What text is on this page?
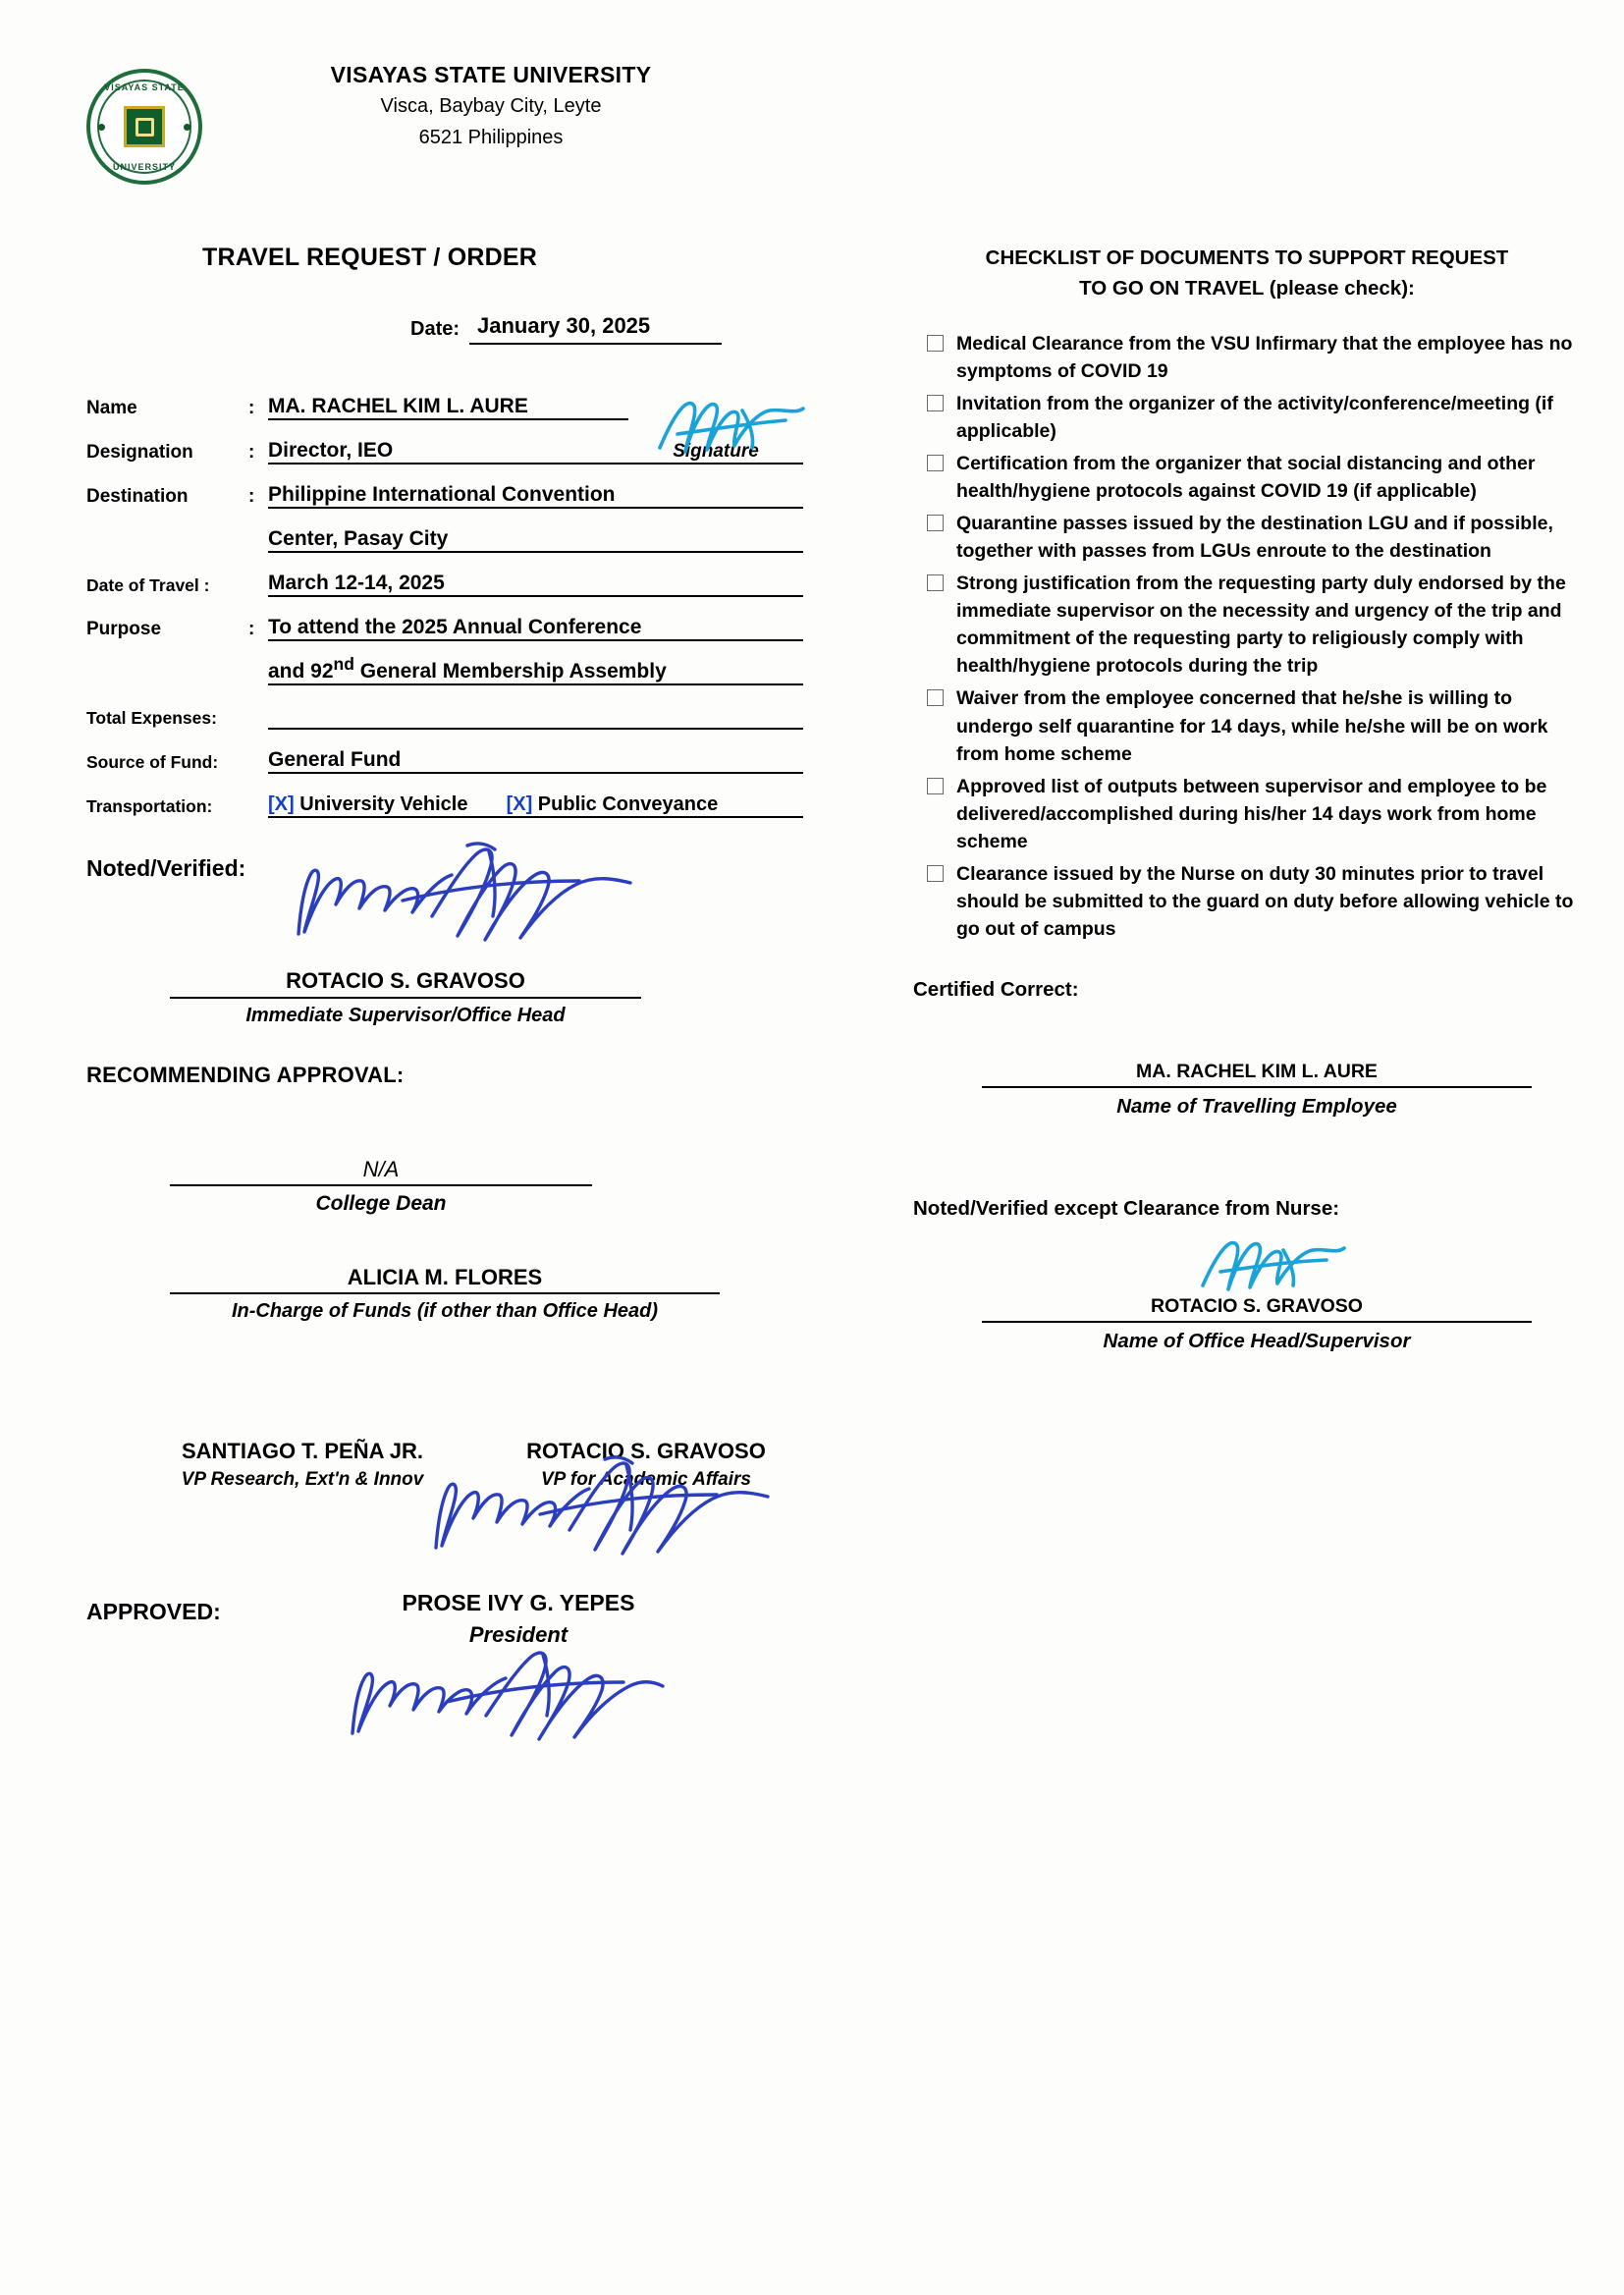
VISAYAS STATE
UNIVERSITY
VISAYAS STATE UNIVERSITY
Visca, Baybay City, Leyte
6521 Philippines
TRAVEL REQUEST / ORDER
Date: January 30, 2025
Name	:	MA. RACHEL KIM L. AURE	
Designation	:	Director, IEO	Signature
Destination	:	Philippine International Convention	
		Center, Pasay City	
Date of Travel :		March 12-14, 2025	
Purpose	:	To attend the 2025 Annual Conference	
		and 92nd General Membership Assembly	
Total Expenses:			
Source of Fund:		General Fund	
Transportation:		[X] University Vehicle [X] Public Conveyance	
Noted/Verified:
ROTACIO S. GRAVOSO
Immediate Supervisor/Office Head
RECOMMENDING APPROVAL:
N/A
College Dean
ALICIA M. FLORES
In-Charge of Funds (if other than Office Head)
SANTIAGO T. PEÑA JR.
VP Research, Ext'n & Innov
ROTACIO S. GRAVOSO
VP for Academic Affairs
APPROVED:	PROSE IVY G. YEPES
President
CHECKLIST OF DOCUMENTS TO SUPPORT REQUEST
TO GO ON TRAVEL (please check):
Medical Clearance from the VSU Infirmary that the employee has no symptoms of COVID 19
Invitation from the organizer of the activity/conference/meeting (if applicable)
Certification from the organizer that social distancing and other health/hygiene protocols against COVID 19 (if applicable)
Quarantine passes issued by the destination LGU and if possible, together with passes from LGUs enroute to the destination
Strong justification from the requesting party duly endorsed by the immediate supervisor on the necessity and urgency of the trip and commitment of the requesting party to religiously comply with health/hygiene protocols during the trip
Waiver from the employee concerned that he/she is willing to undergo self quarantine for 14 days, while he/she will be on work from home scheme
Approved list of outputs between supervisor and employee to be delivered/accomplished during his/her 14 days work from home scheme
Clearance issued by the Nurse on duty 30 minutes prior to travel should be submitted to the guard on duty before allowing vehicle to go out of campus
Certified Correct:
MA. RACHEL KIM L. AURE
Name of Travelling Employee
Noted/Verified except Clearance from Nurse:
ROTACIO S. GRAVOSO
Name of Office Head/Supervisor
